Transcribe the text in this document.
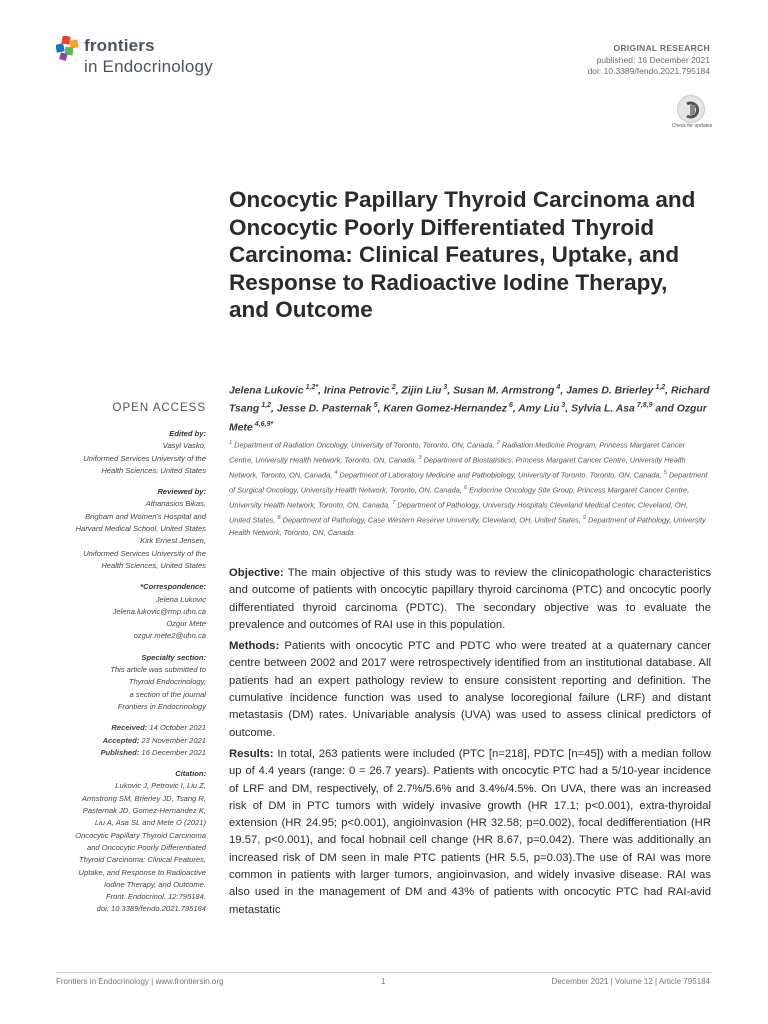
frontiers
in Endocrinology
ORIGINAL RESEARCH
published: 16 December 2021
doi: 10.3389/fendo.2021.795184
Check for updates
Oncocytic Papillary Thyroid Carcinoma and Oncocytic Poorly Differentiated Thyroid Carcinoma: Clinical Features, Uptake, and Response to Radioactive Iodine Therapy, and Outcome
Jelena Lukovic  $^{1,2*}$, Irina Petrovic  $^2$, Zijin Liu  $^3$, Susan M. Armstrong  $^4$, James D. Brierley  $^{1,2}$, Richard Tsang  $^{1,2}$, Jesse D. Pasternak  $^5$, Karen Gomez-Hernandez  $^6$, Amy Liu  $^3$, Sylvia L. Asa  $^{7,8,9}$ and Ozgur Mete  $^{4,6,9*}$
$^1$ Department of Radiation Oncology, University of Toronto, Toronto, ON, Canada, $^2$ Radiation Medicine Program, Princess Margaret Cancer Centre, University Health Network, Toronto, ON, Canada, $^3$ Department of Biostatistics, Princess Margaret Cancer Centre, University Health Network, Toronto, ON, Canada, $^4$ Department of Laboratory Medicine and Pathobiology, University of Toronto, Toronto, ON, Canada, $^5$ Department of Surgical Oncology, University Health Network, Toronto, ON, Canada, $^6$ Endocrine Oncology Site Group, Princess Margaret Cancer Centre, University Health Network, Toronto, ON, Canada, $^7$ Department of Pathology, University Hospitals Cleveland Medical Center, Cleveland, OH, United States, $^8$ Department of Pathology, Case Western Reserve University, Cleveland, OH, United States, $^9$ Department of Pathology, University Health Network, Toronto, ON, Canada
OPEN ACCESS
Edited by:
Vasyl Vasko,
Uniformed Services University of the
Health Sciences, United States
Reviewed by:
Athanasios Bikas,
Brigham and Women's Hospital and
Harvard Medical School, United States
Kirk Ernest Jensen,
Uniformed Services University of the
Health Sciences, United States
*Correspondence:
Jelena Lukovic
Jelena.lukovic@rmp.uhn.ca
Ozgur Mete
ozgur.mete2@uhn.ca
Specialty section:
This article was submitted to
Thyroid Endocrinology,
a section of the journal
Frontiers in Endocrinology
Received: 14 October 2021
Accepted: 23 November 2021
Published: 16 December 2021
Citation:
Lukovic J, Petrovic I, Liu Z,
Armstrong SM, Brierley JD, Tsang R,
Pasternak JD, Gomez-Hernandez K,
Liu A, Asa SL and Mete O (2021)
Oncocytic Papillary Thyroid Carcinoma
and Oncocytic Poorly Differentiated
Thyroid Carcinoma: Clinical Features,
Uptake, and Response to Radioactive
Iodine Therapy, and Outcome.
Front. Endocrinol. 12:795184.
doi: 10.3389/fendo.2021.795184

Objective: The main objective of this study was to review the clinicopathologic characteristics and outcome of patients with oncocytic papillary thyroid carcinoma (PTC) and oncocytic poorly differentiated thyroid carcinoma (PDTC). The secondary objective was to evaluate the prevalence and outcomes of RAI use in this population.

Methods: Patients with oncocytic PTC and PDTC who were treated at a quaternary cancer centre between 2002 and 2017 were retrospectively identified from an institutional database. All patients had an expert pathology review to ensure consistent reporting and definition. The cumulative incidence function was used to analyse locoregional failure (LRF) and distant metastasis (DM) rates. Univariable analysis (UVA) was used to assess clinical predictors of outcome.

Results: In total, 263 patients were included (PTC [n=218], PDTC [n=45]) with a median follow up of 4.4 years (range: 0 = 26.7 years). Patients with oncocytic PTC had a 5/10-year incidence of LRF and DM, respectively, of 2.7%/5.6% and 3.4%/4.5%. On UVA, there was an increased risk of DM in PTC tumors with widely invasive growth (HR 17.1; p<0.001), extra-thyroidal extension (HR 24.95; p<0.001), angioinvasion (HR 32.58; p=0.002), focal dedifferentiation (HR 19.57, p<0.001), and focal hobnail cell change (HR 8.67, p=0.042). There was additionally an increased risk of DM seen in male PTC patients (HR 5.5, p=0.03).The use of RAI was more common in patients with larger tumors, angioinvasion, and widely invasive disease. RAI was also used in the management of DM and 43% of patients with oncocytic PTC had RAI-avid metastatic

Frontiers in Endocrinology | www.frontiersin.org	1	December 2021 | Volume 12 | Article 795184
